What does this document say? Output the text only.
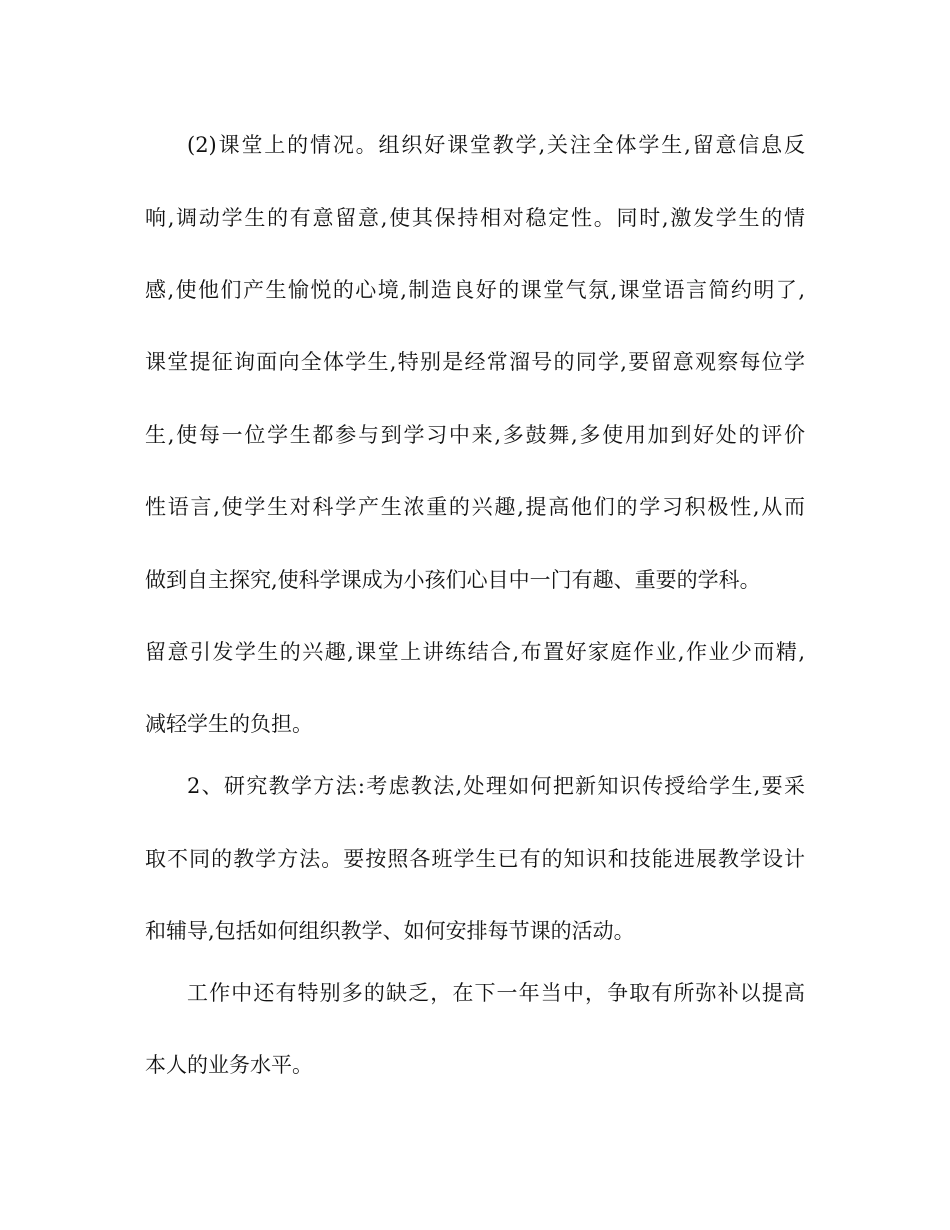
(2)课堂上的情况。组织好课堂教学,关注全体学生,留意信息反
响,调动学生的有意留意,使其保持相对稳定性。同时,激发学生的情
感,使他们产生愉悦的心境,制造良好的课堂气氛,课堂语言简约明了,
课堂提征询面向全体学生,特别是经常溜号的同学,要留意观察每位学
生,使每一位学生都参与到学习中来,多鼓舞,多使用加到好处的评价
性语言,使学生对科学产生浓重的兴趣,提高他们的学习积极性,从而
做到自主探究,使科学课成为小孩们心目中一门有趣、重要的学科。
留意引发学生的兴趣,课堂上讲练结合,布置好家庭作业,作业少而精,
减轻学生的负担。
2、研究教学方法:考虑教法,处理如何把新知识传授给学生,要采
取不同的教学方法。要按照各班学生已有的知识和技能进展教学设计
和辅导,包括如何组织教学、如何安排每节课的活动。
工作中还有特别多的缺乏，在下一年当中，争取有所弥补以提高
本人的业务水平。
